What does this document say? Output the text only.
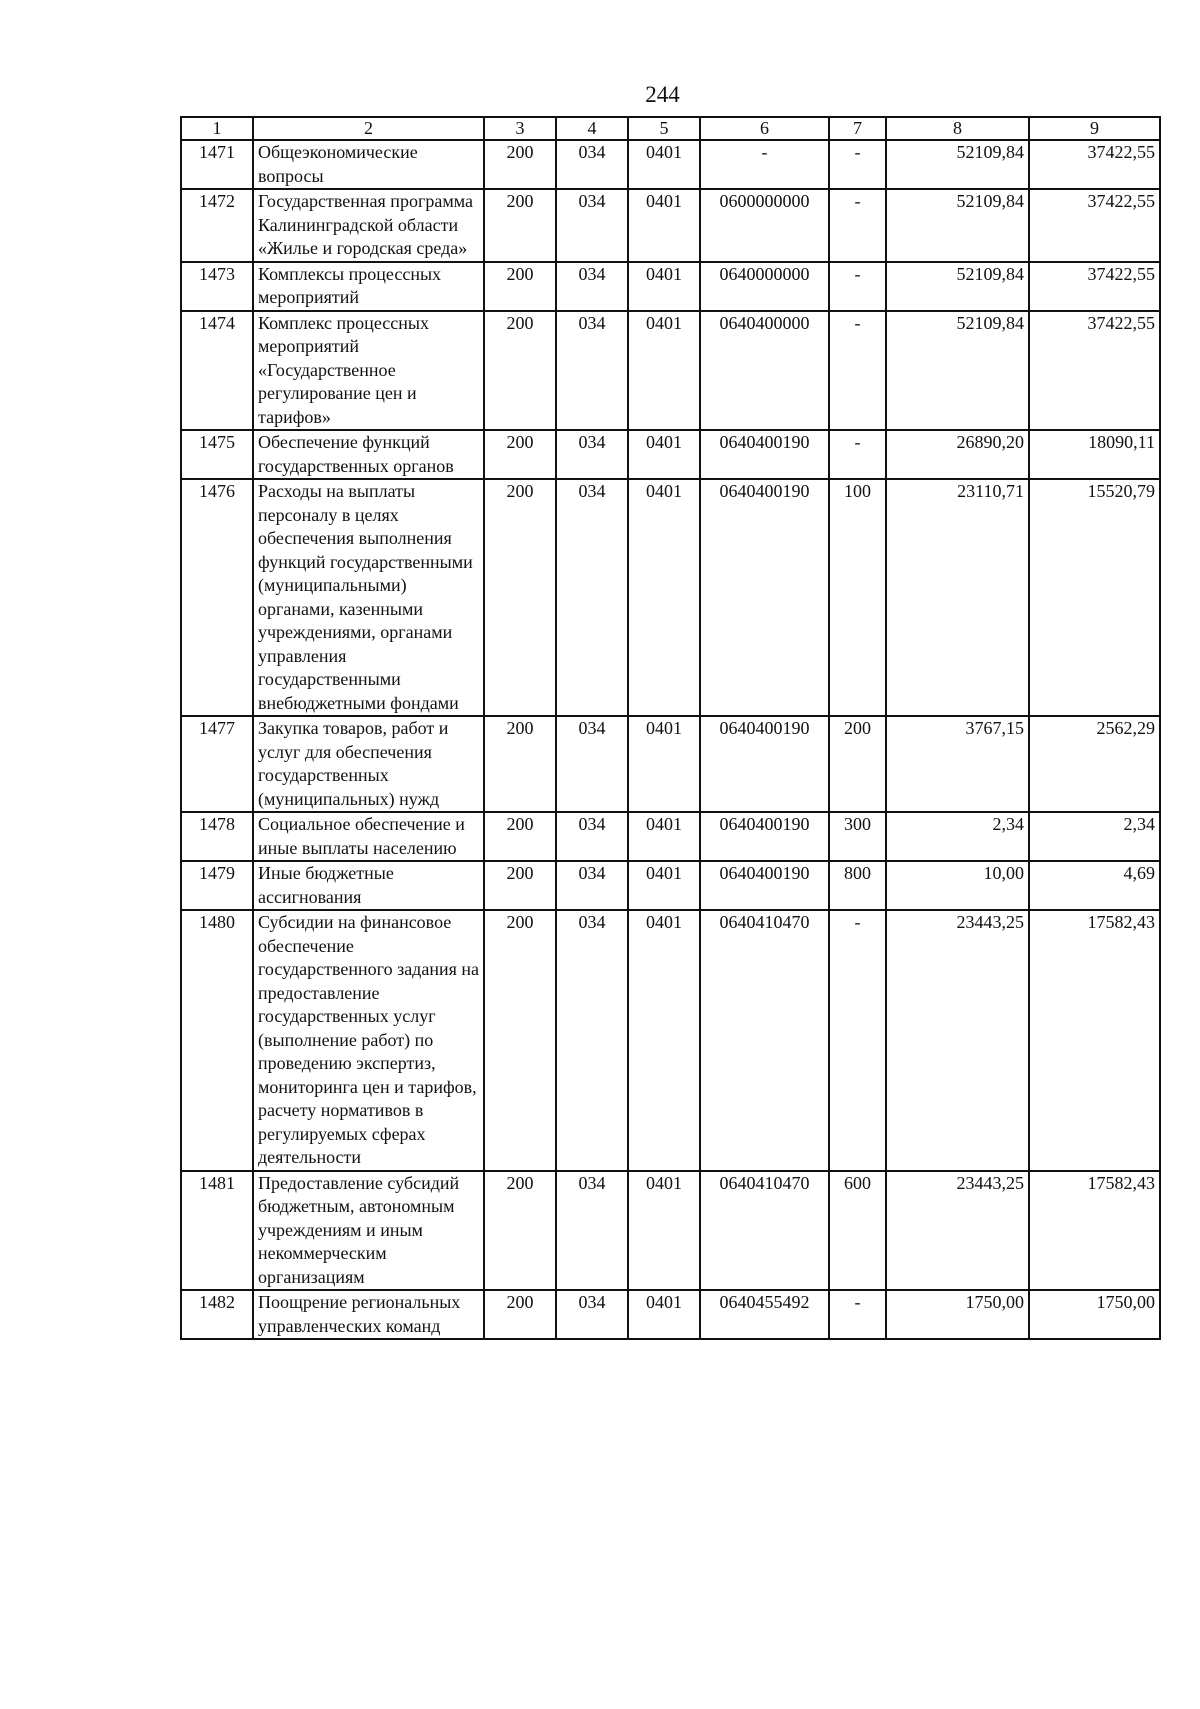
244
1	2	3	4	5	6	7	8	9
1471	Общеэкономические вопросы	200	034	0401	-	-	52109,84	37422,55
1472	Государственная программа Калининградской области «Жилье и городская среда»	200	034	0401	0600000000	-	52109,84	37422,55
1473	Комплексы процессных мероприятий	200	034	0401	0640000000	-	52109,84	37422,55
1474	Комплекс процессных мероприятий «Государственное регулирование цен и тарифов»	200	034	0401	0640400000	-	52109,84	37422,55
1475	Обеспечение функций государственных органов	200	034	0401	0640400190	-	26890,20	18090,11
1476	Расходы на выплаты персоналу в целях обеспечения выполнения функций государственными (муниципальными) органами, казенными учреждениями, органами управления государственными внебюджетными фондами	200	034	0401	0640400190	100	23110,71	15520,79
1477	Закупка товаров, работ и услуг для обеспечения государственных (муниципальных) нужд	200	034	0401	0640400190	200	3767,15	2562,29
1478	Социальное обеспечение и иные выплаты населению	200	034	0401	0640400190	300	2,34	2,34
1479	Иные бюджетные ассигнования	200	034	0401	0640400190	800	10,00	4,69
1480	Субсидии на финансовое обеспечение государственного задания на предоставление государственных услуг (выполнение работ) по проведению экспертиз, мониторинга цен и тарифов, расчету нормативов в регулируемых сферах деятельности	200	034	0401	0640410470	-	23443,25	17582,43
1481	Предоставление субсидий бюджетным, автономным учреждениям и иным некоммерческим организациям	200	034	0401	0640410470	600	23443,25	17582,43
1482	Поощрение региональных управленческих команд	200	034	0401	0640455492	-	1750,00	1750,00
